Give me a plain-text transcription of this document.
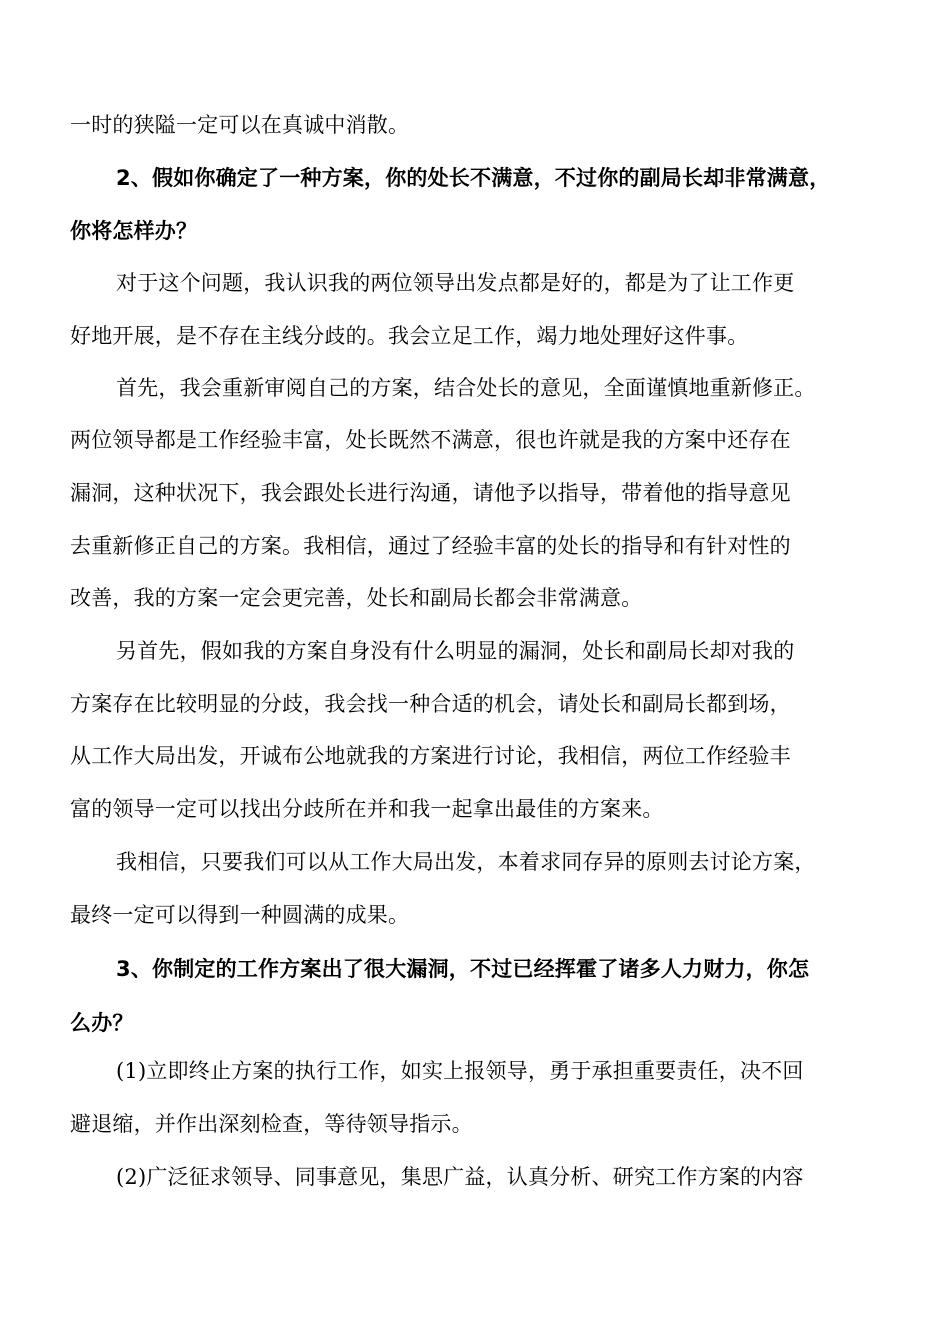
一时的狭隘一定可以在真诚中消散。
2、假如你确定了一种方案，你的处长不满意，不过你的副局长却非常满意，
你将怎样办？
对于这个问题，我认识我的两位领导出发点都是好的，都是为了让工作更
好地开展，是不存在主线分歧的。我会立足工作，竭力地处理好这件事。
首先，我会重新审阅自己的方案，结合处长的意见，全面谨慎地重新修正。
两位领导都是工作经验丰富，处长既然不满意，很也许就是我的方案中还存在
漏洞，这种状况下，我会跟处长进行沟通，请他予以指导，带着他的指导意见
去重新修正自己的方案。我相信，通过了经验丰富的处长的指导和有针对性的
改善，我的方案一定会更完善，处长和副局长都会非常满意。
另首先，假如我的方案自身没有什么明显的漏洞，处长和副局长却对我的
方案存在比较明显的分歧，我会找一种合适的机会，请处长和副局长都到场，
从工作大局出发，开诚布公地就我的方案进行讨论，我相信，两位工作经验丰
富的领导一定可以找出分歧所在并和我一起拿出最佳的方案来。
我相信，只要我们可以从工作大局出发，本着求同存异的原则去讨论方案，
最终一定可以得到一种圆满的成果。
3、你制定的工作方案出了很大漏洞，不过已经挥霍了诸多人力财力，你怎
么办？
(1)立即终止方案的执行工作，如实上报领导，勇于承担重要责任，决不回
避退缩，并作出深刻检查，等待领导指示。
(2)广泛征求领导、同事意见，集思广益，认真分析、研究工作方案的内容
